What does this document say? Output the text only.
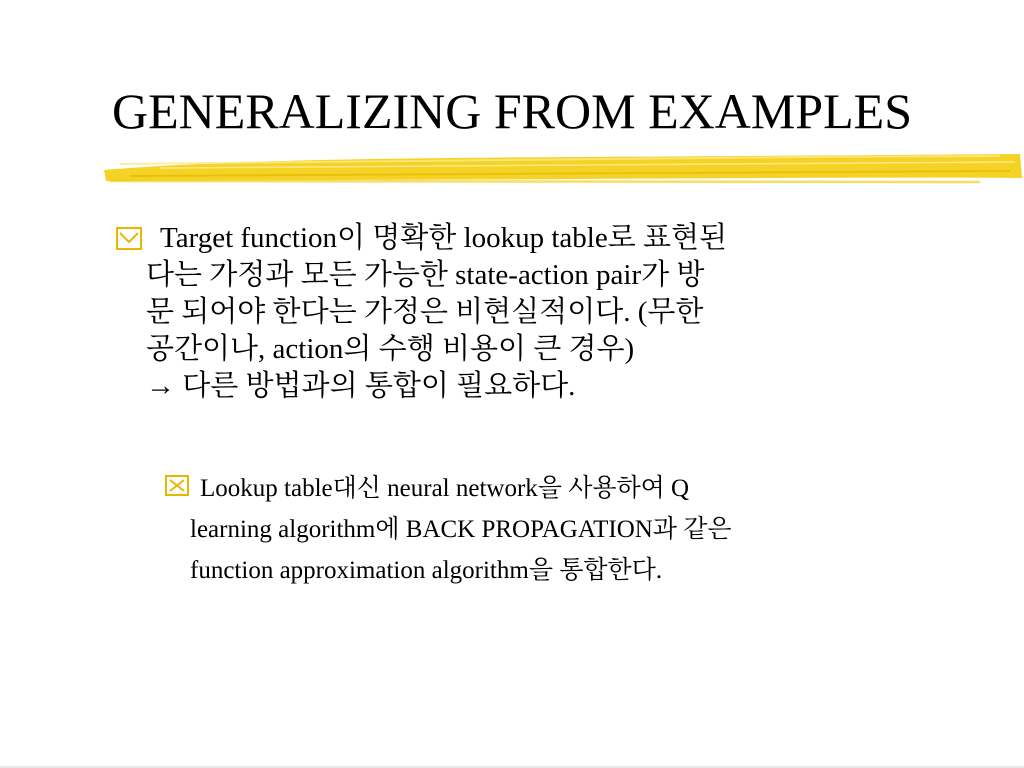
GENERALIZING FROM EXAMPLES
Target function이 명확한 lookup table로 표현된
다는 가정과 모든 가능한 state-action pair가 방
문 되어야 한다는 가정은 비현실적이다. (무한
공간이나, action의 수행 비용이 큰 경우)
→ 다른 방법과의 통합이 필요하다.
Lookup table대신 neural network을 사용하여 Q
learning algorithm에 BACK PROPAGATION과 같은
function approximation algorithm을 통합한다.
